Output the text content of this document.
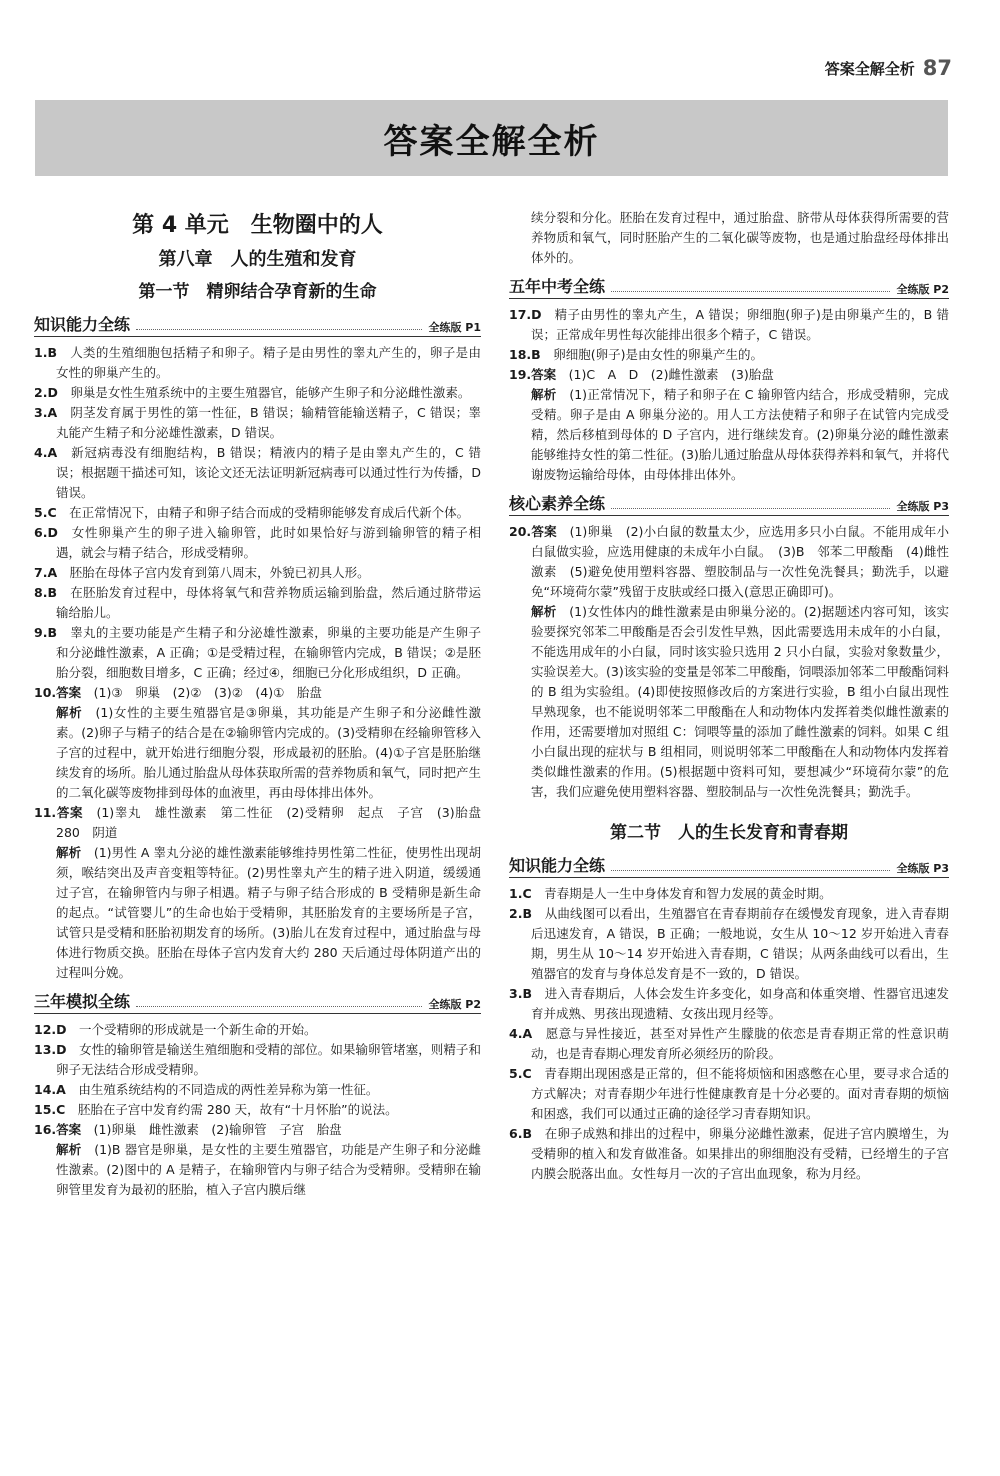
答案全解全析 87
答案全解全析
第 4 单元　生物圈中的人
第八章　人的生殖和发育
第一节　精卵结合孕育新的生命
知识能力全练	全练版 P1

1.B　 人类的生殖细胞包括精子和卵子。精子是由男性的睾丸产生的，卵子是由女性的卵巢产生的。

2.D　 卵巢是女性生殖系统中的主要生殖器官，能够产生卵子和分泌雌性激素。

3.A　 阴茎发育属于男性的第一性征，B 错误；输精管能输送精子，C 错误；睾丸能产生精子和分泌雄性激素，D 错误。

4.A　 新冠病毒没有细胞结构，B 错误；精液内的精子是由睾丸产生的，C 错误；根据题干描述可知，该论文还无法证明新冠病毒可以通过性行为传播，D 错误。

5.C　 在正常情况下，由精子和卵子结合而成的受精卵能够发育成后代新个体。

6.D　 女性卵巢产生的卵子进入输卵管，此时如果恰好与游到输卵管的精子相遇，就会与精子结合，形成受精卵。

7.A　 胚胎在母体子宫内发育到第八周末，外貌已初具人形。

8.B　 在胚胎发育过程中，母体将氧气和营养物质运输到胎盘，然后通过脐带运输给胎儿。

9.B　 睾丸的主要功能是产生精子和分泌雄性激素，卵巢的主要功能是产生卵子和分泌雌性激素，A 正确；①是受精过程，在输卵管内完成，B 错误；②是胚胎分裂，细胞数目增多，C 正确；经过④，细胞已分化形成组织，D 正确。

10.答案　 (1)③　卵巢　(2)②　(3)②　(4)①　胎盘

解析　 (1)女性的主要生殖器官是③卵巢，其功能是产生卵子和分泌雌性激素。(2)卵子与精子的结合是在②输卵管内完成的。(3)受精卵在经输卵管移入子宫的过程中，就开始进行细胞分裂，形成最初的胚胎。(4)①子宫是胚胎继续发育的场所。胎儿通过胎盘从母体获取所需的营养物质和氧气，同时把产生的二氧化碳等废物排到母体的血液里，再由母体排出体外。

11.答案　 (1)睾丸　雄性激素　第二性征　(2)受精卵　起点　子宫　(3)胎盘　280　阴道

解析　 (1)男性 A 睾丸分泌的雄性激素能够维持男性第二性征，使男性出现胡须，喉结突出及声音变粗等特征。(2)男性睾丸产生的精子进入阴道，缓缓通过子宫，在输卵管内与卵子相遇。精子与卵子结合形成的 B 受精卵是新生命的起点。“试管婴儿”的生命也始于受精卵，其胚胎发育的主要场所是子宫，试管只是受精和胚胎初期发育的场所。(3)胎儿在发育过程中，通过胎盘与母体进行物质交换。胚胎在母体子宫内发育大约 280 天后通过母体阴道产出的过程叫分娩。

三年模拟全练	全练版 P2

12.D　 一个受精卵的形成就是一个新生命的开始。

13.D　 女性的输卵管是输送生殖细胞和受精的部位。如果输卵管堵塞，则精子和卵子无法结合形成受精卵。

14.A　 由生殖系统结构的不同造成的两性差异称为第一性征。

15.C　 胚胎在子宫中发育约需 280 天，故有“十月怀胎”的说法。

16.答案　 (1)卵巢　雌性激素　(2)输卵管　子宫　胎盘

解析　 (1)B 器官是卵巢，是女性的主要生殖器官，功能是产生卵子和分泌雌性激素。(2)图中的 A 是精子，在输卵管内与卵子结合为受精卵。受精卵在输卵管里发育为最初的胚胎，植入子宫内膜后继

续分裂和分化。胚胎在发育过程中，通过胎盘、脐带从母体获得所需要的营养物质和氧气，同时胚胎产生的二氧化碳等废物，也是通过胎盘经母体排出体外的。

五年中考全练	全练版 P2

17.D　 精子由男性的睾丸产生，A 错误；卵细胞(卵子)是由卵巢产生的，B 错误；正常成年男性每次能排出很多个精子，C 错误。

18.B　 卵细胞(卵子)是由女性的卵巢产生的。

19.答案　 (1)C　A　D　(2)雌性激素　(3)胎盘

解析　 (1)正常情况下，精子和卵子在 C 输卵管内结合，形成受精卵，完成受精。卵子是由 A 卵巢分泌的。用人工方法使精子和卵子在试管内完成受精，然后移植到母体的 D 子宫内，进行继续发育。(2)卵巢分泌的雌性激素能够维持女性的第二性征。(3)胎儿通过胎盘从母体获得养料和氧气，并将代谢废物运输给母体，由母体排出体外。

核心素养全练	全练版 P3

20.答案　 (1)卵巢　(2)小白鼠的数量太少，应选用多只小白鼠。不能用成年小白鼠做实验，应选用健康的未成年小白鼠。　(3)B　邻苯二甲酸酯　(4)雌性激素　(5)避免使用塑料容器、塑胶制品与一次性免洗餐具；勤洗手，以避免“环境荷尔蒙”残留于皮肤或经口摄入(意思正确即可)。

解析　 (1)女性体内的雌性激素是由卵巢分泌的。(2)据题述内容可知，该实验要探究邻苯二甲酸酯是否会引发性早熟，因此需要选用未成年的小白鼠，不能选用成年的小白鼠，同时该实验只选用 2 只小白鼠，实验对象数量少，实验误差大。(3)该实验的变量是邻苯二甲酸酯，饲喂添加邻苯二甲酸酯饲料的 B 组为实验组。(4)即使按照修改后的方案进行实验，B 组小白鼠出现性早熟现象，也不能说明邻苯二甲酸酯在人和动物体内发挥着类似雌性激素的作用，还需要增加对照组 C：饲喂等量的添加了雌性激素的饲料。如果 C 组小白鼠出现的症状与 B 组相同，则说明邻苯二甲酸酯在人和动物体内发挥着类似雌性激素的作用。(5)根据题中资料可知，要想减少“环境荷尔蒙”的危害，我们应避免使用塑料容器、塑胶制品与一次性免洗餐具；勤洗手。

第二节　人的生长发育和青春期
知识能力全练	全练版 P3

1.C　 青春期是人一生中身体发育和智力发展的黄金时期。

2.B　 从曲线图可以看出，生殖器官在青春期前存在缓慢发育现象，进入青春期后迅速发育，A 错误，B 正确；一般地说，女生从 10～12 岁开始进入青春期，男生从 10～14 岁开始进入青春期，C 错误；从两条曲线可以看出，生殖器官的发育与身体总发育是不一致的，D 错误。

3.B　 进入青春期后，人体会发生许多变化，如身高和体重突增、性器官迅速发育并成熟、男孩出现遗精、女孩出现月经等。

4.A　 愿意与异性接近，甚至对异性产生朦胧的依恋是青春期正常的性意识萌动，也是青春期心理发育所必须经历的阶段。

5.C　 青春期出现困惑是正常的，但不能将烦恼和困惑憋在心里，要寻求合适的方式解决；对青春期少年进行性健康教育是十分必要的。面对青春期的烦恼和困惑，我们可以通过正确的途径学习青春期知识。

6.B　 在卵子成熟和排出的过程中，卵巢分泌雌性激素，促进子宫内膜增生，为受精卵的植入和发育做准备。如果排出的卵细胞没有受精，已经增生的子宫内膜会脱落出血。女性每月一次的子宫出血现象，称为月经。
